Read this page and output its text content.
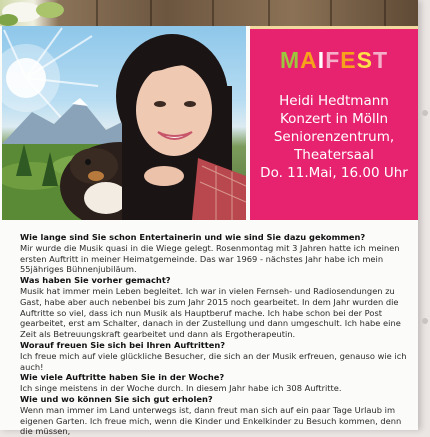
MAIFEST
Heidi Hedtmann
Konzert in Mölln
Seniorenzentrum,
Theatersaal
Do. 11.Mai, 16.00 Uhr

Wie lange sind Sie schon Entertainerin und wie sind Sie dazu gekommen?

Mir wurde die Musik quasi in die Wiege gelegt. Rosenmontag mit 3 Jahren hatte ich meinen ersten Auftritt in meiner Heimatgemeinde. Das war 1969 - nächstes Jahr habe ich mein 55jähriges Bühnenjubiläum.

Was haben Sie vorher gemacht?

Musik hat immer mein Leben begleitet. Ich war in vielen Fernseh- und Radiosendungen zu Gast, habe aber auch nebenbei bis zum Jahr 2015 noch gearbeitet. In dem Jahr wurden die Auftritte so viel, dass ich nun Musik als Hauptberuf mache. Ich habe schon bei der Post gearbeitet, erst am Schalter, danach in der Zustellung und dann umgeschult. Ich habe eine Zeit als Betreuungskraft gearbeitet und dann als Ergotherapeutin.

Worauf freuen Sie sich bei Ihren Auftritten?

Ich freue mich auf viele glückliche Besucher, die sich an der Musik erfreuen, genauso wie ich auch!

Wie viele Auftritte haben Sie in der Woche?

Ich singe meistens in der Woche durch. In diesem Jahr habe ich 308 Auftritte.

Wie und wo können Sie sich gut erholen?

Wenn man immer im Land unterwegs ist, dann freut man sich auf ein paar Tage Urlaub im eigenen Garten. Ich freue mich, wenn die Kinder und Enkelkinder zu Besuch kommen, denn die müssen,
